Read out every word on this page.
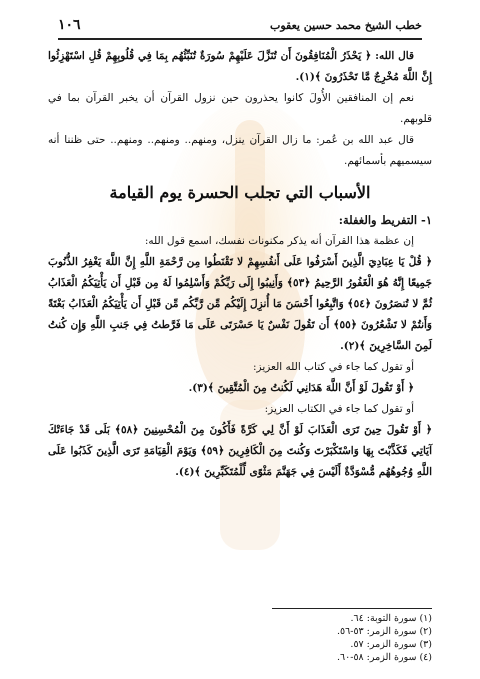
خطب الشيخ محمد حسين يعقوب
١٠٦

قال الله: ﴿ يَحْذَرُ الْمُنَافِقُونَ أَن تُنَزَّلَ عَلَيْهِمْ سُورَةٌ تُنَبِّئُهُم بِمَا فِي قُلُوبِهِمْ قُلِ اسْتَهْزِئُوا إِنَّ اللَّهَ مُخْرِجٌ مَّا تَحْذَرُونَ ﴾(١).

نعم إن المنافقين الأُولَ كانوا يحذرون حين نزول القرآن أن يخبر القرآن بما في قلوبهم.

قال عبد الله بن عُمر: ما زال القرآن ينزل، ومنهم.. ومنهم.. ومنهم.. حتى ظننا أنه سيسميهم بأسمائهم.

الأسباب التي تجلب الحسرة يوم القيامة

١- التفريط والغفلة:

إن عظمة هذا القرآن أنه يذكر مكنونات نفسك، اسمع قول الله:

﴿ قُلْ يَا عِبَادِيَ الَّذِينَ أَسْرَفُوا عَلَى أَنفُسِهِمْ لا تَقْنَطُوا مِن رَّحْمَةِ اللَّهِ إِنَّ اللَّهَ يَغْفِرُ الذُّنُوبَ جَمِيعًا إِنَّهُ هُوَ الْغَفُورُ الرَّحِيمُ ﴿٥٣﴾ وَأَنِيبُوا إِلَى رَبِّكُمْ وَأَسْلِمُوا لَهُ مِن قَبْلِ أَن يَأْتِيَكُمُ الْعَذَابُ ثُمَّ لا تُنصَرُونَ ﴿٥٤﴾ وَاتَّبِعُوا أَحْسَنَ مَا أُنزِلَ إِلَيْكُم مِّن رَّبِّكُم مِّن قَبْلِ أَن يَأْتِيَكُمُ الْعَذَابُ بَغْتَةً وَأَنتُمْ لا تَشْعُرُونَ ﴿٥٥﴾ أَن تَقُولَ نَفْسٌ يَا حَسْرَتَى عَلَى مَا فَرَّطتُ فِي جَنبِ اللَّهِ وَإِن كُنتُ لَمِنَ السَّاخِرِينَ ﴾(٢).

أو تقول كما جاء في كتاب الله العزيز:

﴿ أَوْ تَقُولَ لَوْ أَنَّ اللَّهَ هَدَانِي لَكُنتُ مِنَ الْمُتَّقِينَ ﴾(٣).

أو تقول كما جاء في الكتاب العزيز:

﴿ أَوْ تَقُولَ حِينَ تَرَى الْعَذَابَ لَوْ أَنَّ لِي كَرَّةً فَأَكُونَ مِنَ الْمُحْسِنِينَ ﴿٥٨﴾ بَلَى قَدْ جَاءَتْكَ آيَاتِي فَكَذَّبْتَ بِهَا وَاسْتَكْبَرْتَ وَكُنتَ مِنَ الْكَافِرِينَ ﴿٥٩﴾ وَيَوْمَ الْقِيَامَةِ تَرَى الَّذِينَ كَذَبُوا عَلَى اللَّهِ وُجُوهُهُم مُّسْوَدَّةٌ أَلَيْسَ فِي جَهَنَّمَ مَثْوًى لِّلْمُتَكَبِّرِينَ ﴾(٤).

(١) سورة التوبة: ٦٤.
(٢) سورة الزمر: ٥٣-٥٦.
(٣) سورة الزمر: ٥٧.
(٤) سورة الزمر: ٥٨-٦٠.
